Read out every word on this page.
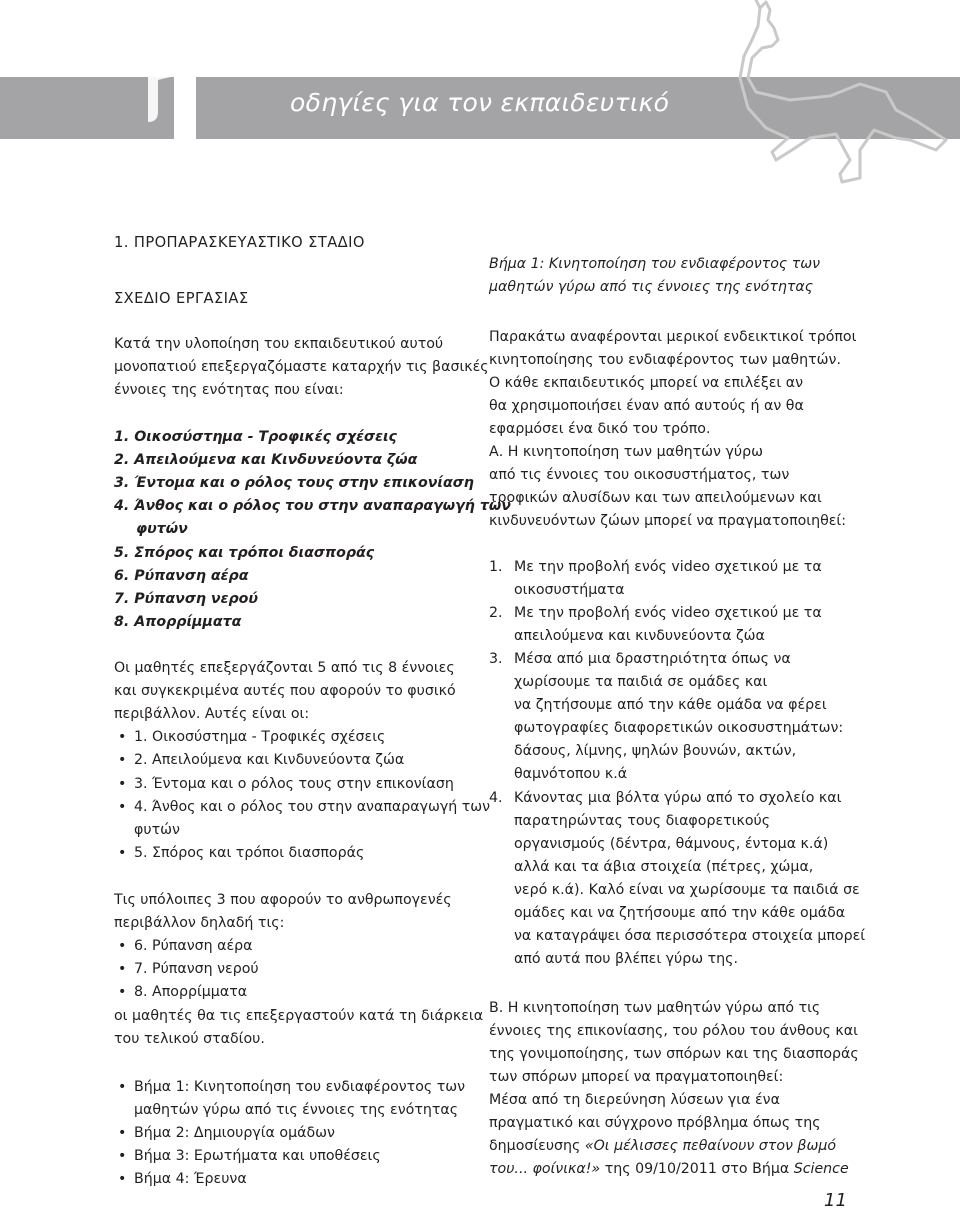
οδηγίες για τον εκπαιδευτικό
1. ΠΡΟΠΑΡΑΣΚΕΥΑΣΤΙΚΟ ΣΤΑΔΙΟ
ΣΧΕΔΙΟ ΕΡΓΑΣΙΑΣ
Κατά την υλοποίηση του εκπαιδευτικού αυτού
μονοπατιού επεξεργαζόμαστε καταρχήν τις βασικές
έννοιες της ενότητας που είναι:
1. Οικοσύστημα - Τροφικές σχέσεις
2. Απειλούμενα και Κινδυνεύοντα ζώα
3. Έντομα και ο ρόλος τους στην επικονίαση
4. Άνθος και ο ρόλος του στην αναπαραγωγή των
φυτών
5. Σπόρος και τρόποι διασποράς
6. Ρύπανση αέρα
7. Ρύπανση νερού
8. Απορρίμματα
Οι μαθητές επεξεργάζονται 5 από τις 8 έννοιες
και συγκεκριμένα αυτές που αφορούν το φυσικό
περιβάλλον. Αυτές είναι οι:
• 1. Οικοσύστημα - Τροφικές σχέσεις
• 2. Απειλούμενα και Κινδυνεύοντα ζώα
• 3. Έντομα και ο ρόλος τους στην επικονίαση
• 4. Άνθος και ο ρόλος του στην αναπαραγωγή των
φυτών
• 5. Σπόρος και τρόποι διασποράς
Τις υπόλοιπες 3 που αφορούν το ανθρωπογενές
περιβάλλον δηλαδή τις:
• 6. Ρύπανση αέρα
• 7. Ρύπανση νερού
• 8. Απορρίμματα
οι μαθητές θα τις επεξεργαστούν κατά τη διάρκεια
του τελικού σταδίου.
• Βήμα 1: Κινητοποίηση του ενδιαφέροντος των
μαθητών γύρω από τις έννοιες της ενότητας
• Βήμα 2: Δημιουργία ομάδων
• Βήμα 3: Ερωτήματα και υποθέσεις
• Βήμα 4: Έρευνα
Βήμα 1: Κινητοποίηση του ενδιαφέροντος των
μαθητών γύρω από τις έννοιες της ενότητας
Παρακάτω αναφέρονται μερικοί ενδεικτικοί τρόποι
κινητοποίησης του ενδιαφέροντος των μαθητών.
Ο κάθε εκπαιδευτικός μπορεί να επιλέξει αν
θα χρησιμοποιήσει έναν από αυτούς ή αν θα
εφαρμόσει ένα δικό του τρόπο.
Α. Η κινητοποίηση των μαθητών γύρω
από τις έννοιες του οικοσυστήματος, των
τροφικών αλυσίδων και των απειλούμενων και
κινδυνευόντων ζώων μπορεί να πραγματοποιηθεί:
1. Με την προβολή ενός video σχετικού με τα
οικοσυστήματα
2. Με την προβολή ενός video σχετικού με τα
απειλούμενα και κινδυνεύοντα ζώα
3. Μέσα από μια δραστηριότητα όπως να
χωρίσουμε τα παιδιά σε ομάδες και
να ζητήσουμε από την κάθε ομάδα να φέρει
φωτογραφίες διαφορετικών οικοσυστημάτων:
δάσους, λίμνης, ψηλών βουνών, ακτών,
θαμνότοπου κ.ά
4. Κάνοντας μια βόλτα γύρω από το σχολείο και
παρατηρώντας τους διαφορετικούς
οργανισμούς (δέντρα, θάμνους, έντομα κ.ά)
αλλά και τα άβια στοιχεία (πέτρες, χώμα,
νερό κ.ά). Καλό είναι να χωρίσουμε τα παιδιά σε
ομάδες και να ζητήσουμε από την κάθε ομάδα
να καταγράψει όσα περισσότερα στοιχεία μπορεί
από αυτά που βλέπει γύρω της.
Β. Η κινητοποίηση των μαθητών γύρω από τις
έννοιες της επικονίασης, του ρόλου του άνθους και
της γονιμοποίησης, των σπόρων και της διασποράς
των σπόρων μπορεί να πραγματοποιηθεί:
Μέσα από τη διερεύνηση λύσεων για ένα
πραγματικό και σύγχρονο πρόβλημα όπως της
δημοσίευσης «Οι μέλισσες πεθαίνουν στον βωμό
του... φοίνικα!» της 09/10/2011 στο Βήμα Science
11
